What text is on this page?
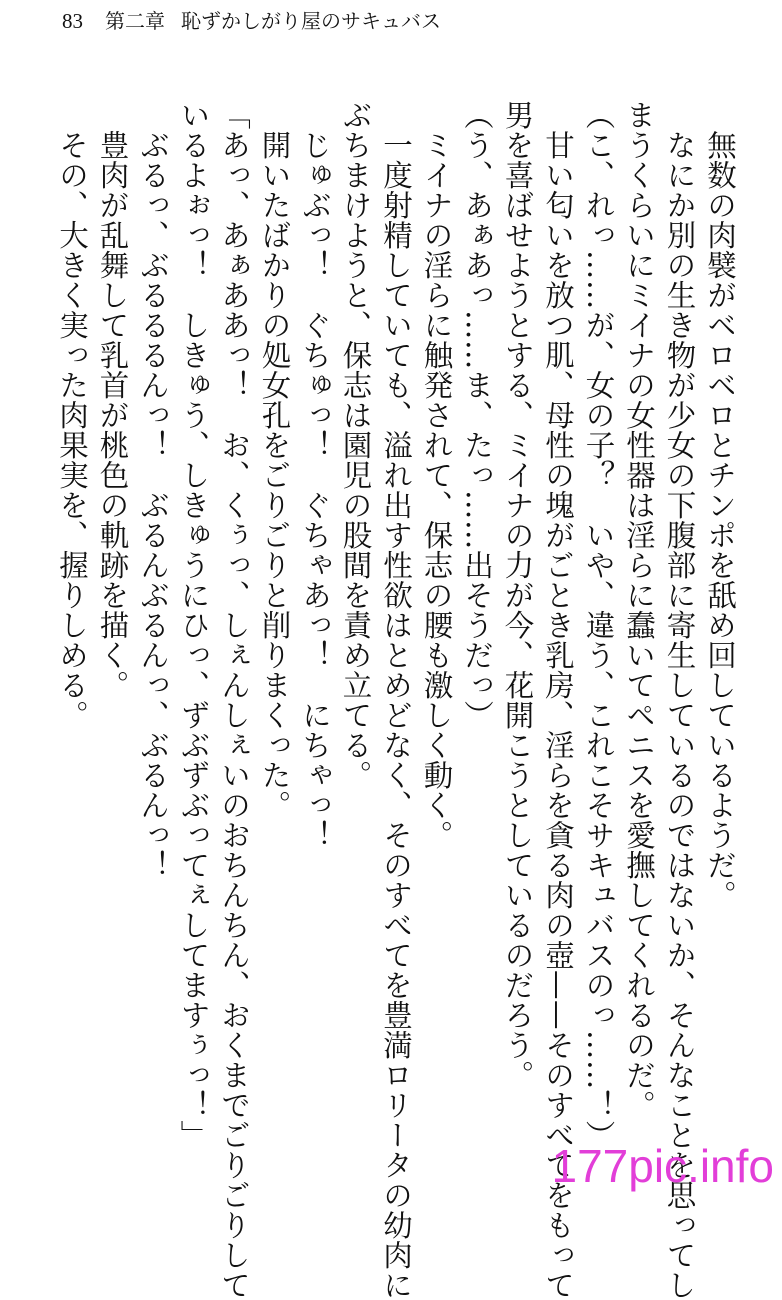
83 第二章 恥ずかしがり屋のサキュバス

　無数の肉襞がベロベロとチンポを舐め回しているようだ。

　なにか別の生き物が少女の下腹部に寄生しているのではないか、そんなことを思ってし

まうくらいにミイナの女性器は淫らに蠢いてペニスを愛撫してくれるのだ。

（こ、れっ……が、女の子？　いや、違う、これこそサキュバスのっ……！）

　甘い匂いを放つ肌、母性の塊がごとき乳房、淫らを貪る肉の壺——そのすべてをもって

男を喜ばせようとする、ミイナの力が今、花開こうとしているのだろう。

（う、あぁあっ……ま、たっ……出そうだっ）

　ミイナの淫らに触発されて、保志の腰も激しく動く。

　一度射精していても、溢れ出す性欲はとめどなく、そのすべてを豊満ロリータの幼肉に

ぶちまけようと、保志は園児の股間を責め立てる。

　じゅぶっ！　ぐちゅっ！　ぐちゃあっ！　にちゃっ！

　開いたばかりの処女孔をごりごりと削りまくった。

「あっ、あぁああっ！　お、くぅっ、しぇんしぇいのおちんちん、おくまでごりごりして

いるよぉっ！　しきゅう、しきゅうにひっ、ずぶずぶってぇしてますぅっ！」

　ぶるっ、ぶるるるんっ！　ぶるんぶるんっ、ぶるんっ！

　豊肉が乱舞して乳首が桃色の軌跡を描く。

　その、大きく実った肉果実を、握りしめる。

177pic.info
